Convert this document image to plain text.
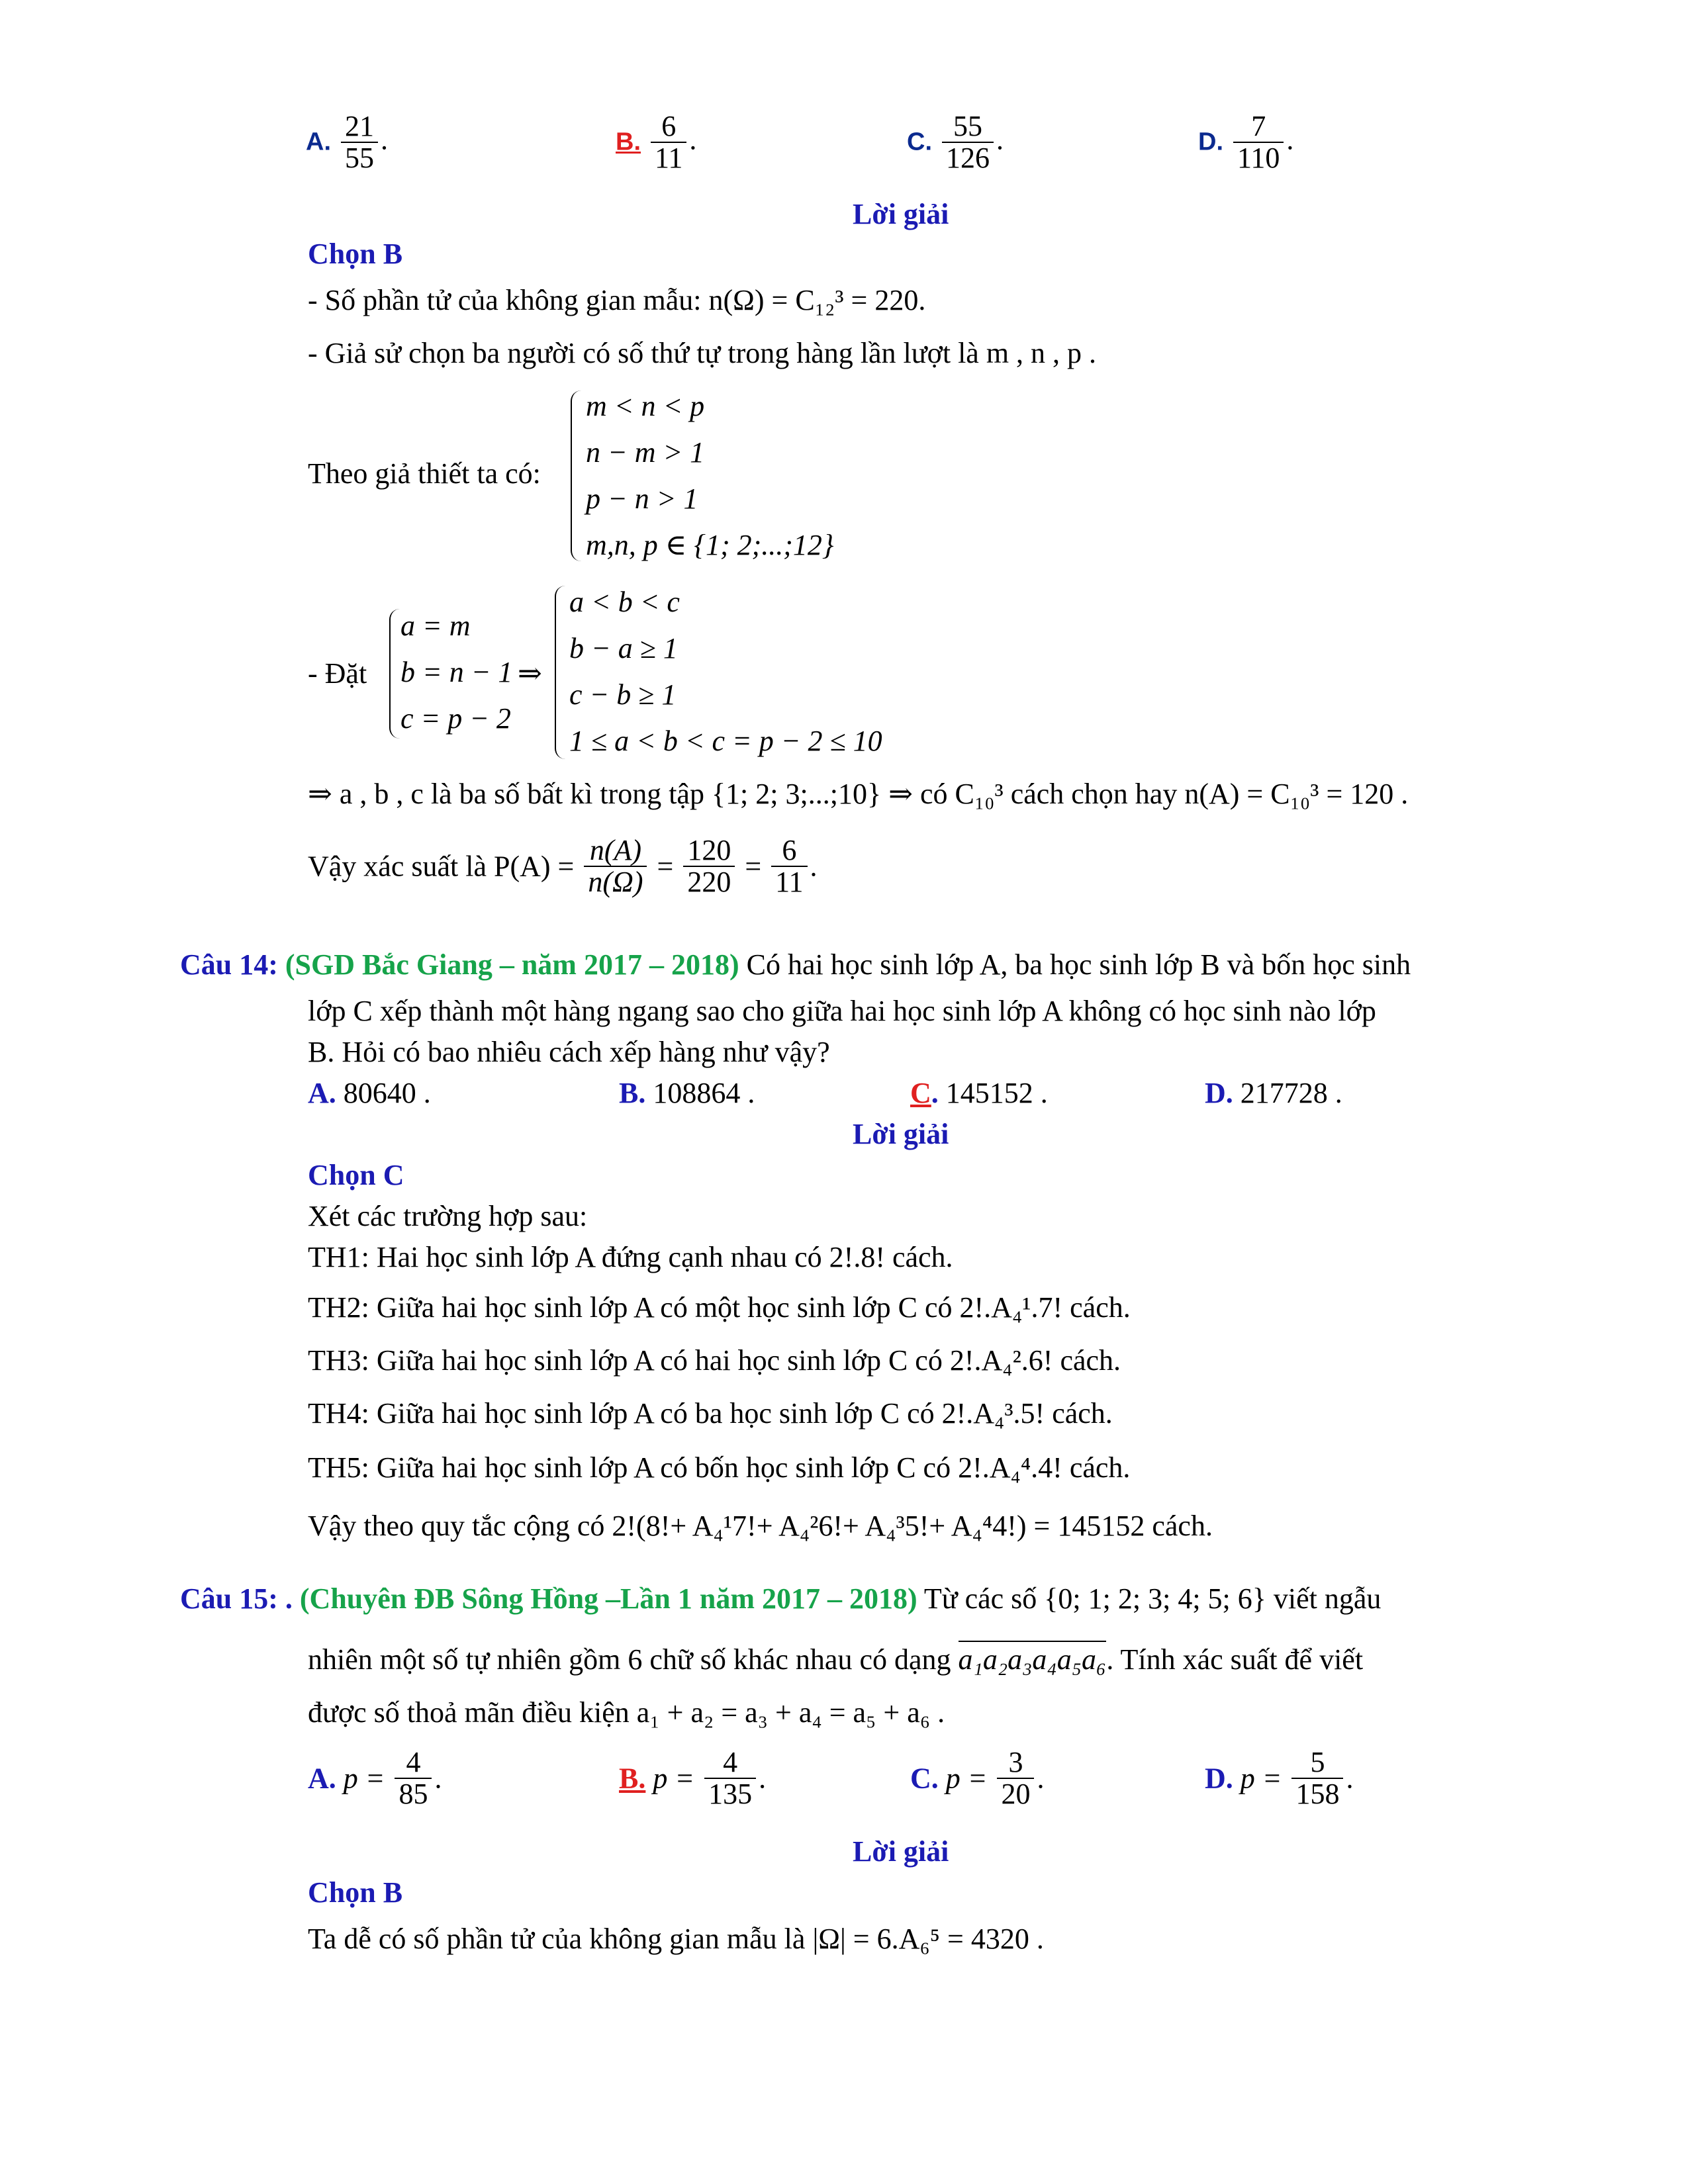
A. $\frac{21}{55}$ .	B. $\frac{6}{11}$ .	C. $\frac{55}{126}$ .	D. $\frac{7}{110}$ .
Lời giải
Chọn B
- Số phần tử của không gian mẫu: n(Ω) = C₁₂³ = 220.
- Giả sử chọn ba người có số thứ tự trong hàng lần lượt là m , n , p .
Theo giả thiết ta có:
m < n < p
n − m > 1
p − n > 1
m,n, p ∈ {1; 2;...;12}
- Đặt
a = m
b = n − 1
c = p − 2
⇒
a < b < c
b − a ≥ 1
c − b ≥ 1
1 ≤ a < b < c = p − 2 ≤ 10
⇒ a , b , c là ba số bất kì trong tập {1; 2; 3;...;10} ⇒ có C₁₀³ cách chọn hay n(A) = C₁₀³ = 120 .
Vậy xác suất là $P(A) = \frac{n(A)}{n(\Omega)} = \frac{120}{220} = \frac{6}{11}$ .
Câu 14: (SGD Bắc Giang – năm 2017 – 2018) Có hai học sinh lớp A, ba học sinh lớp B và bốn học sinh
lớp C xếp thành một hàng ngang sao cho giữa hai học sinh lớp A không có học sinh nào lớp
B. Hỏi có bao nhiêu cách xếp hàng như vậy?
A. 80640 .	B. 108864 .	C. 145152 .	D. 217728 .
Lời giải
Chọn C
Xét các trường hợp sau:
TH1: Hai học sinh lớp A đứng cạnh nhau có 2!.8! cách.
TH2: Giữa hai học sinh lớp A có một học sinh lớp C có 2!.A₄¹.7! cách.
TH3: Giữa hai học sinh lớp A có hai học sinh lớp C có 2!.A₄².6! cách.
TH4: Giữa hai học sinh lớp A có ba học sinh lớp C có 2!.A₄³.5! cách.
TH5: Giữa hai học sinh lớp A có bốn học sinh lớp C có 2!.A₄⁴.4! cách.
Vậy theo quy tắc cộng có 2!(8!+ A₄¹7!+ A₄²6!+ A₄³5!+ A₄⁴4!) = 145152 cách.
Câu 15: . (Chuyên ĐB Sông Hồng –Lần 1 năm 2017 – 2018) Từ các số {0; 1; 2; 3; 4; 5; 6} viết ngẫu
nhiên một số tự nhiên gồm 6 chữ số khác nhau có dạng a₁a₂a₃a₄a₅a₆. Tính xác suất để viết
được số thoả mãn điều kiện a₁ + a₂ = a₃ + a₄ = a₅ + a₆ .
A. $p = \frac{4}{85}$ .	B. $p = \frac{4}{135}$ .	C. $p = \frac{3}{20}$ .	D. $p = \frac{5}{158}$ .
Lời giải
Chọn B
Ta dễ có số phần tử của không gian mẫu là |Ω| = 6.A₆⁵ = 4320 .
